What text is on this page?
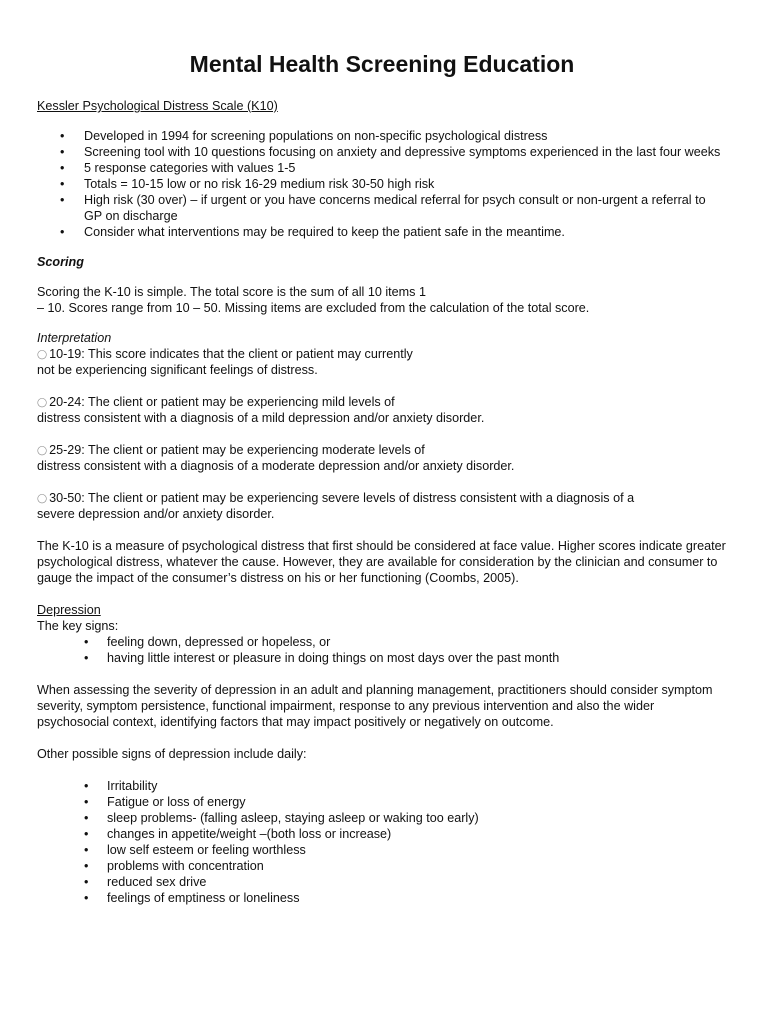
Mental Health Screening Education

Kessler Psychological Distress Scale (K10)

• Developed in 1994 for screening populations on non-specific psychological distress
• Screening tool with 10 questions focusing on anxiety and depressive symptoms experienced in the last four weeks
• 5 response categories with values 1-5
• Totals = 10-15 low or no risk 16-29 medium risk 30-50 high risk
• High risk (30 over) – if urgent or you have concerns medical referral for psych consult or non-urgent a referral to GP on discharge
• Consider what interventions may be required to keep the patient safe in the meantime.

Scoring

Scoring the K-10 is simple. The total score is the sum of all 10 items 1

– 10. Scores range from 10 – 50. Missing items are excluded from the calculation of the total score.

Interpretation

◯ 10-19: This score indicates that the client or patient may currently

not be experiencing significant feelings of distress.

◯ 20-24: The client or patient may be experiencing mild levels of

distress consistent with a diagnosis of a mild depression and/or anxiety disorder.

◯ 25-29: The client or patient may be experiencing moderate levels of

distress consistent with a diagnosis of a moderate depression and/or anxiety disorder.

◯ 30-50: The client or patient may be experiencing severe levels of distress consistent with a diagnosis of a

severe depression and/or anxiety disorder.

The K-10 is a measure of psychological distress that first should be considered at face value. Higher scores indicate greater psychological distress, whatever the cause. However, they are available for consideration by the clinician and consumer to gauge the impact of the consumer’s distress on his or her functioning (Coombs, 2005).

Depression

The key signs:

• feeling down, depressed or hopeless, or
• having little interest or pleasure in doing things on most days over the past month

When assessing the severity of depression in an adult and planning management, practitioners should consider symptom severity, symptom persistence, functional impairment, response to any previous intervention and also the wider psychosocial context, identifying factors that may impact positively or negatively on outcome.

Other possible signs of depression include daily:

• Irritability
• Fatigue or loss of energy
• sleep problems- (falling asleep, staying asleep or waking too early)
• changes in appetite/weight –(both loss or increase)
• low self esteem or feeling worthless
• problems with concentration
• reduced sex drive
• feelings of emptiness or loneliness
